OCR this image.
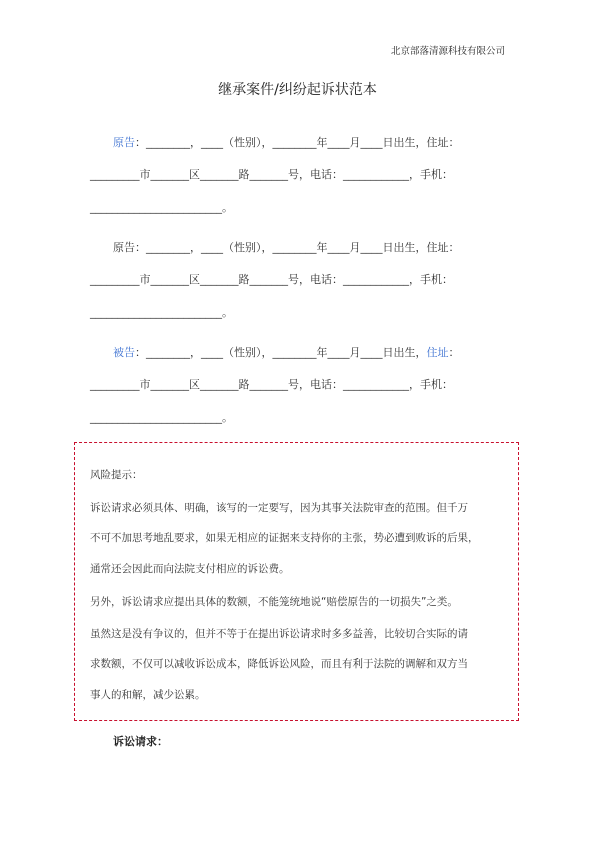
北京部落清源科技有限公司
继承案件/纠纷起诉状范本
原告：________，____（性别），________年____月____日出生，住址：
_________市_______区_______路_______号，电话：____________，手机：
________________________。
原告：________，____（性别），________年____月____日出生，住址：
_________市_______区_______路_______号，电话：____________，手机：
________________________。
被告：________，____（性别），________年____月____日出生，住址：
_________市_______区_______路_______号，电话：____________，手机：
________________________。
风险提示：
诉讼请求必须具体、明确，该写的一定要写，因为其事关法院审查的范围。但千万
不可不加思考地乱要求，如果无相应的证据来支持你的主张，势必遭到败诉的后果，
通常还会因此而向法院支付相应的诉讼费。
另外，诉讼请求应提出具体的数额，不能笼统地说“赔偿原告的一切损失”之类。
虽然这是没有争议的，但并不等于在提出诉讼请求时多多益善，比较切合实际的请
求数额，不仅可以减收诉讼成本，降低诉讼风险，而且有利于法院的调解和双方当
事人的和解，减少讼累。
诉讼请求：
